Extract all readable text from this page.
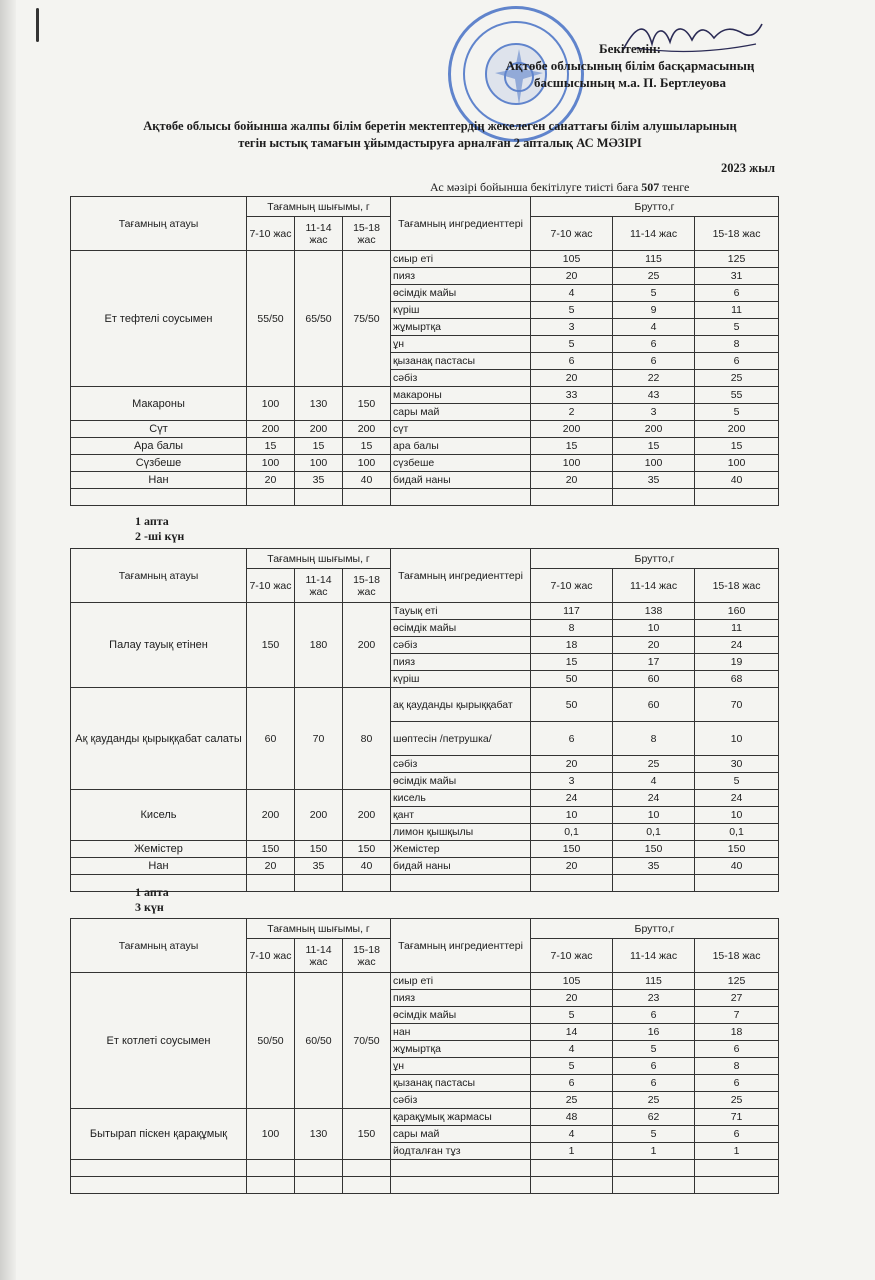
Бекітемін:
Ақтөбе облысының білім басқармасының
басшысының м.а. П. Бертлеуова
Ақтөбе облысы бойынша жалпы білім беретін мектептердің жекелеген санаттағы білім алушыларының
тегін ыстық тамағын ұйымдастыруға арналған 2 апталық АС МӘЗІРІ
2023 жыл
Ас мәзірі бойынша бекітілуге тиісті баға 507 тенге
Тағамның атауы	Тағамның шығымы, г			Тағамның ингредиенттері	Брутто,г		
	7-10 жас	11-14 жас	15-18 жас		7-10 жас	11-14 жас	15-18 жас
Ет тефтелі соусымен	55/50	65/50	75/50	сиыр еті	105	115	125
				пияз	20	25	31
				өсімдік майы	4	5	6
				күріш	5	9	11
				жұмыртқа	3	4	5
				ұн	5	6	8
				қызанақ пастасы	6	6	6
				сәбіз	20	22	25
Макароны	100	130	150	макароны	33	43	55
				сары май	2	3	5
Сүт	200	200	200	сүт	200	200	200
Ара балы	15	15	15	ара балы	15	15	15
Сүзбеше	100	100	100	сүзбеше	100	100	100
Нан	20	35	40	бидай наны	20	35	40

1 апта
2 -ші күн
Тағамның атауы	Тағамның шығымы, г			Тағамның ингредиенттері	Брутто,г		
	7-10 жас	11-14 жас	15-18 жас		7-10 жас	11-14 жас	15-18 жас
Палау тауық етінен	150	180	200	Тауық еті	117	138	160
				өсімдік майы	8	10	11
				сәбіз	18	20	24
				пияз	15	17	19
				күріш	50	60	68
Ақ қауданды қырыққабат салаты	60	70	80	ақ қауданды қырыққабат	50	60	70
				шөптесін /петрушка/	6	8	10
				сәбіз	20	25	30
				өсімдік майы	3	4	5
Кисель	200	200	200	кисель	24	24	24
				қант	10	10	10
				лимон қышқылы	0,1	0,1	0,1
Жемістер	150	150	150	Жемістер	150	150	150
Нан	20	35	40	бидай наны	20	35	40

1 апта
3 күн
Тағамның атауы	Тағамның шығымы, г			Тағамның ингредиенттері	Брутто,г		
	7-10 жас	11-14 жас	15-18 жас		7-10 жас	11-14 жас	15-18 жас
Ет котлеті соусымен	50/50	60/50	70/50	сиыр еті	105	115	125
				пияз	20	23	27
				өсімдік майы	5	6	7
				нан	14	16	18
				жұмыртқа	4	5	6
				ұн	5	6	8
				қызанақ пастасы	6	6	6
				сәбіз	25	25	25
Бытырап піскен қарақұмық	100	130	150	қарақұмық жармасы	48	62	71
				сары май	4	5	6
				йодталған тұз	1	1	1
